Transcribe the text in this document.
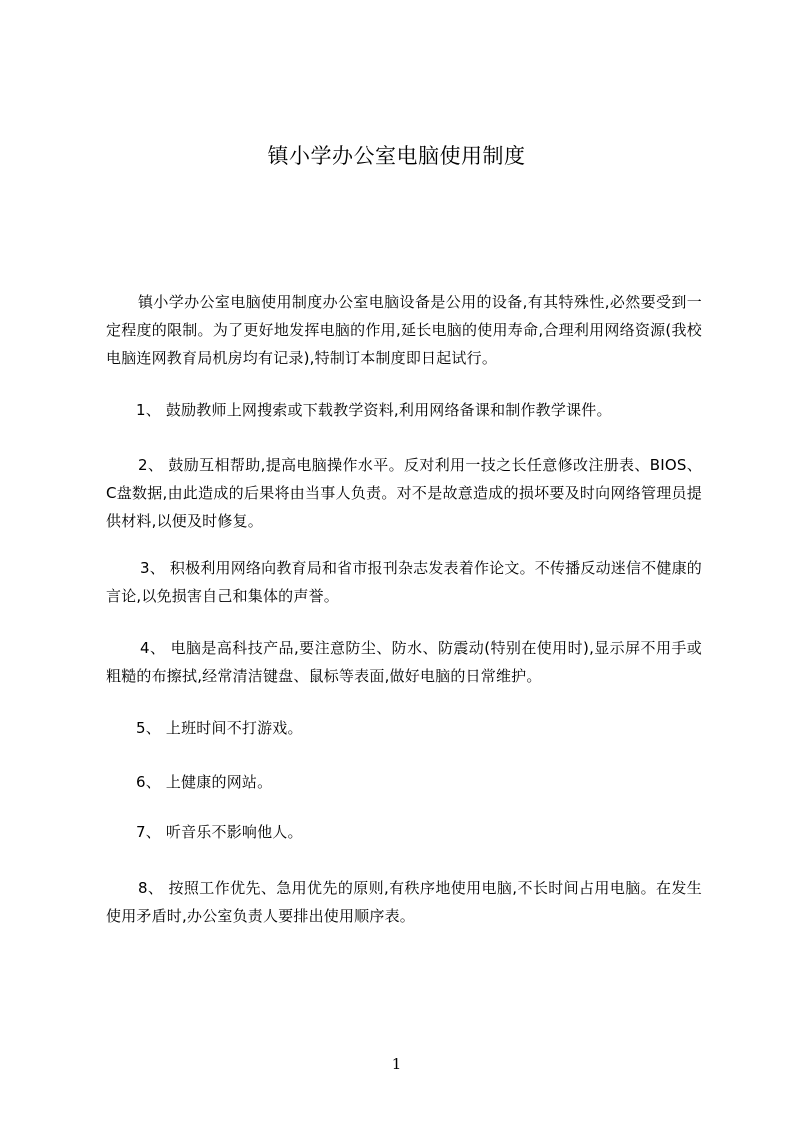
镇小学办公室电脑使用制度

镇小学办公室电脑使用制度办公室电脑设备是公用的设备,有其特殊性,必然要受到一定程度的限制。为了更好地发挥电脑的作用,延长电脑的使用寿命,合理利用网络资源(我校电脑连网教育局机房均有记录),特制订本制度即日起试行。

1、 鼓励教师上网搜索或下载教学资料,利用网络备课和制作教学课件。

2、 鼓励互相帮助,提高电脑操作水平。反对利用一技之长任意修改注册表、BIOS、C盘数据,由此造成的后果将由当事人负责。对不是故意造成的损坏要及时向网络管理员提供材料,以便及时修复。

3、 积极利用网络向教育局和省市报刊杂志发表着作论文。不传播反动迷信不健康的言论,以免损害自己和集体的声誉。

4、 电脑是高科技产品,要注意防尘、防水、防震动(特别在使用时),显示屏不用手或粗糙的布擦拭,经常清洁键盘、鼠标等表面,做好电脑的日常维护。

5、 上班时间不打游戏。

6、 上健康的网站。

7、 听音乐不影响他人。

8、 按照工作优先、急用优先的原则,有秩序地使用电脑,不长时间占用电脑。在发生使用矛盾时,办公室负责人要排出使用顺序表。

1
